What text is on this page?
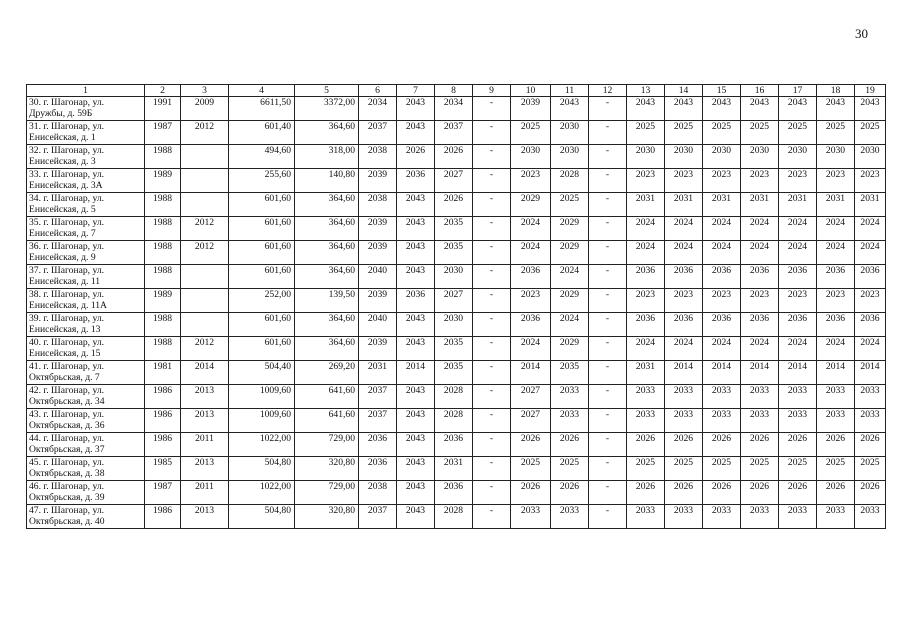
30
1	2	3	4	5	6	7	8	9	10	11	12	13	14	15	16	17	18	19
30. г. Шагонар, ул. Дружбы, д. 59Б	1991	2009	6611,50	3372,00	2034	2043	2034	-	2039	2043	-	2043	2043	2043	2043	2043	2043	2043
31. г. Шагонар, ул. Енисейская, д. 1	1987	2012	601,40	364,60	2037	2043	2037	-	2025	2030	-	2025	2025	2025	2025	2025	2025	2025
32. г. Шагонар, ул. Енисейская, д. 3	1988		494,60	318,00	2038	2026	2026	-	2030	2030	-	2030	2030	2030	2030	2030	2030	2030
33. г. Шагонар, ул. Енисейская, д. 3А	1989		255,60	140,80	2039	2036	2027	-	2023	2028	-	2023	2023	2023	2023	2023	2023	2023
34. г. Шагонар, ул. Енисейская, д. 5	1988		601,60	364,60	2038	2043	2026	-	2029	2025	-	2031	2031	2031	2031	2031	2031	2031
35. г. Шагонар, ул. Енисейская, д. 7	1988	2012	601,60	364,60	2039	2043	2035	-	2024	2029	-	2024	2024	2024	2024	2024	2024	2024
36. г. Шагонар, ул. Енисейская, д. 9	1988	2012	601,60	364,60	2039	2043	2035	-	2024	2029	-	2024	2024	2024	2024	2024	2024	2024
37. г. Шагонар, ул. Енисейская, д. 11	1988		601,60	364,60	2040	2043	2030	-	2036	2024	-	2036	2036	2036	2036	2036	2036	2036
38. г. Шагонар, ул. Енисейская, д. 11А	1989		252,00	139,50	2039	2036	2027	-	2023	2029	-	2023	2023	2023	2023	2023	2023	2023
39. г. Шагонар, ул. Енисейская, д. 13	1988		601,60	364,60	2040	2043	2030	-	2036	2024	-	2036	2036	2036	2036	2036	2036	2036
40. г. Шагонар, ул. Енисейская, д. 15	1988	2012	601,60	364,60	2039	2043	2035	-	2024	2029	-	2024	2024	2024	2024	2024	2024	2024
41. г. Шагонар, ул. Октябрьская, д. 7	1981	2014	504,40	269,20	2031	2014	2035	-	2014	2035	-	2031	2014	2014	2014	2014	2014	2014
42. г. Шагонар, ул. Октябрьская, д. 34	1986	2013	1009,60	641,60	2037	2043	2028	-	2027	2033	-	2033	2033	2033	2033	2033	2033	2033
43. г. Шагонар, ул. Октябрьская, д. 36	1986	2013	1009,60	641,60	2037	2043	2028	-	2027	2033	-	2033	2033	2033	2033	2033	2033	2033
44. г. Шагонар, ул. Октябрьская, д. 37	1986	2011	1022,00	729,00	2036	2043	2036	-	2026	2026	-	2026	2026	2026	2026	2026	2026	2026
45. г. Шагонар, ул. Октябрьская, д. 38	1985	2013	504,80	320,80	2036	2043	2031	-	2025	2025	-	2025	2025	2025	2025	2025	2025	2025
46. г. Шагонар, ул. Октябрьская, д. 39	1987	2011	1022,00	729,00	2038	2043	2036	-	2026	2026	-	2026	2026	2026	2026	2026	2026	2026
47. г. Шагонар, ул. Октябрьская, д. 40	1986	2013	504,80	320,80	2037	2043	2028	-	2033	2033	-	2033	2033	2033	2033	2033	2033	2033
